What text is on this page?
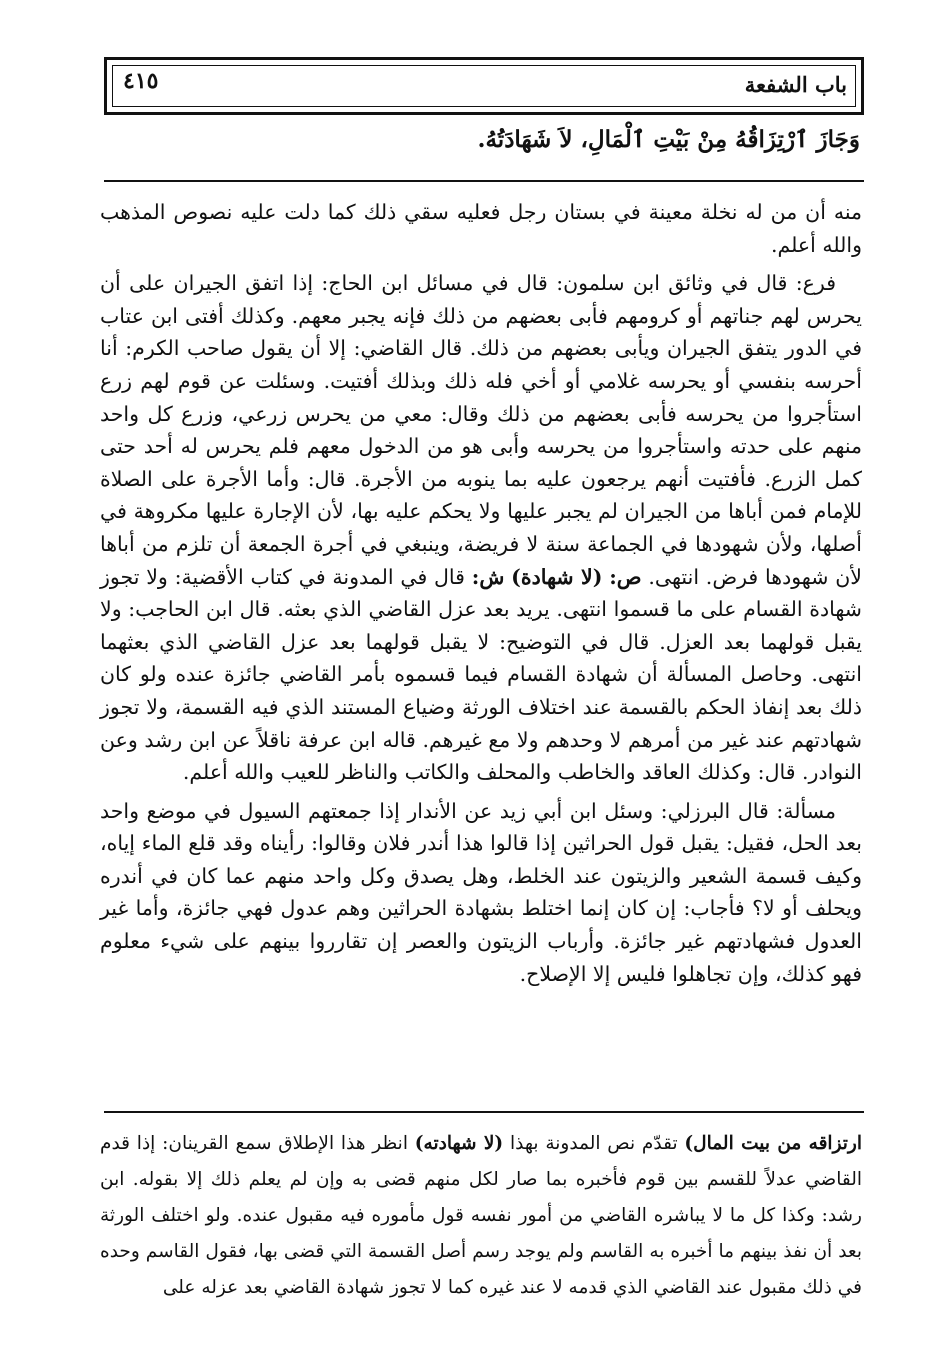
باب الشفعة
٤١٥
وَجَازَ ٱرْتِزَاقُهُ مِنْ بَيْتِ ٱلْمَالِ، لاَ شَهَادَتُهُ.

منه أن من له نخلة معينة في بستان رجل فعليه سقي ذلك كما دلت عليه نصوص المذهب والله أعلم.

فرع: قال في وثائق ابن سلمون: قال في مسائل ابن الحاج: إذا اتفق الجيران على أن يحرس لهم جناتهم أو كرومهم فأبى بعضهم من ذلك فإنه يجبر معهم. وكذلك أفتى ابن عتاب في الدور يتفق الجيران ويأبى بعضهم من ذلك. قال القاضي: إلا أن يقول صاحب الكرم: أنا أحرسه بنفسي أو يحرسه غلامي أو أخي فله ذلك وبذلك أفتيت. وسئلت عن قوم لهم زرع استأجروا من يحرسه فأبى بعضهم من ذلك وقال: معي من يحرس زرعي، وزرع كل واحد منهم على حدته واستأجروا من يحرسه وأبى هو من الدخول معهم فلم يحرس له أحد حتى كمل الزرع. فأفتيت أنهم يرجعون عليه بما ينوبه من الأجرة. قال: وأما الأجرة على الصلاة للإمام فمن أباها من الجيران لم يجبر عليها ولا يحكم عليه بها، لأن الإجارة عليها مكروهة في أصلها، ولأن شهودها في الجماعة سنة لا فريضة، وينبغي في أجرة الجمعة أن تلزم من أباها لأن شهودها فرض. انتهى. ص: (لا شهادة) ش: قال في المدونة في كتاب الأقضية: ولا تجوز شهادة القسام على ما قسموا انتهى. يريد بعد عزل القاضي الذي بعثه. قال ابن الحاجب: ولا يقبل قولهما بعد العزل. قال في التوضيح: لا يقبل قولهما بعد عزل القاضي الذي بعثهما انتهى. وحاصل المسألة أن شهادة القسام فيما قسموه بأمر القاضي جائزة عنده ولو كان ذلك بعد إنفاذ الحكم بالقسمة عند اختلاف الورثة وضياع المستند الذي فيه القسمة، ولا تجوز شهادتهم عند غير من أمرهم لا وحدهم ولا مع غيرهم. قاله ابن عرفة ناقلاً عن ابن رشد وعن النوادر. قال: وكذلك العاقد والخاطب والمحلف والكاتب والناظر للعيب والله أعلم.

مسألة: قال البرزلي: وسئل ابن أبي زيد عن الأندار إذا جمعتهم السيول في موضع واحد بعد الحل، فقيل: يقبل قول الحراثين إذا قالوا هذا أندر فلان وقالوا: رأيناه وقد قلع الماء إياه، وكيف قسمة الشعير والزيتون عند الخلط، وهل يصدق وكل واحد منهم عما كان في أندره ويحلف أو لا؟ فأجاب: إن كان إنما اختلط بشهادة الحراثين وهم عدول فهي جائزة، وأما غير العدول فشهادتهم غير جائزة. وأرباب الزيتون والعصر إن تقارروا بينهم على شيء معلوم فهو كذلك، وإن تجاهلوا فليس إلا الإصلاح.

ارتزاقه من بيت المال) تقدّم نص المدونة بهذا (لا شهادته) انظر هذا الإطلاق سمع القرينان: إذا قدم القاضي عدلاً للقسم بين قوم فأخبره بما صار لكل منهم قضى به وإن لم يعلم ذلك إلا بقوله. ابن رشد: وكذا كل ما لا يباشره القاضي من أمور نفسه قول مأموره فيه مقبول عنده. ولو اختلف الورثة بعد أن نفذ بينهم ما أخبره به القاسم ولم يوجد رسم أصل القسمة التي قضى بها، فقول القاسم وحده في ذلك مقبول عند القاضي الذي قدمه لا عند غيره كما لا تجوز شهادة القاضي بعد عزله على
